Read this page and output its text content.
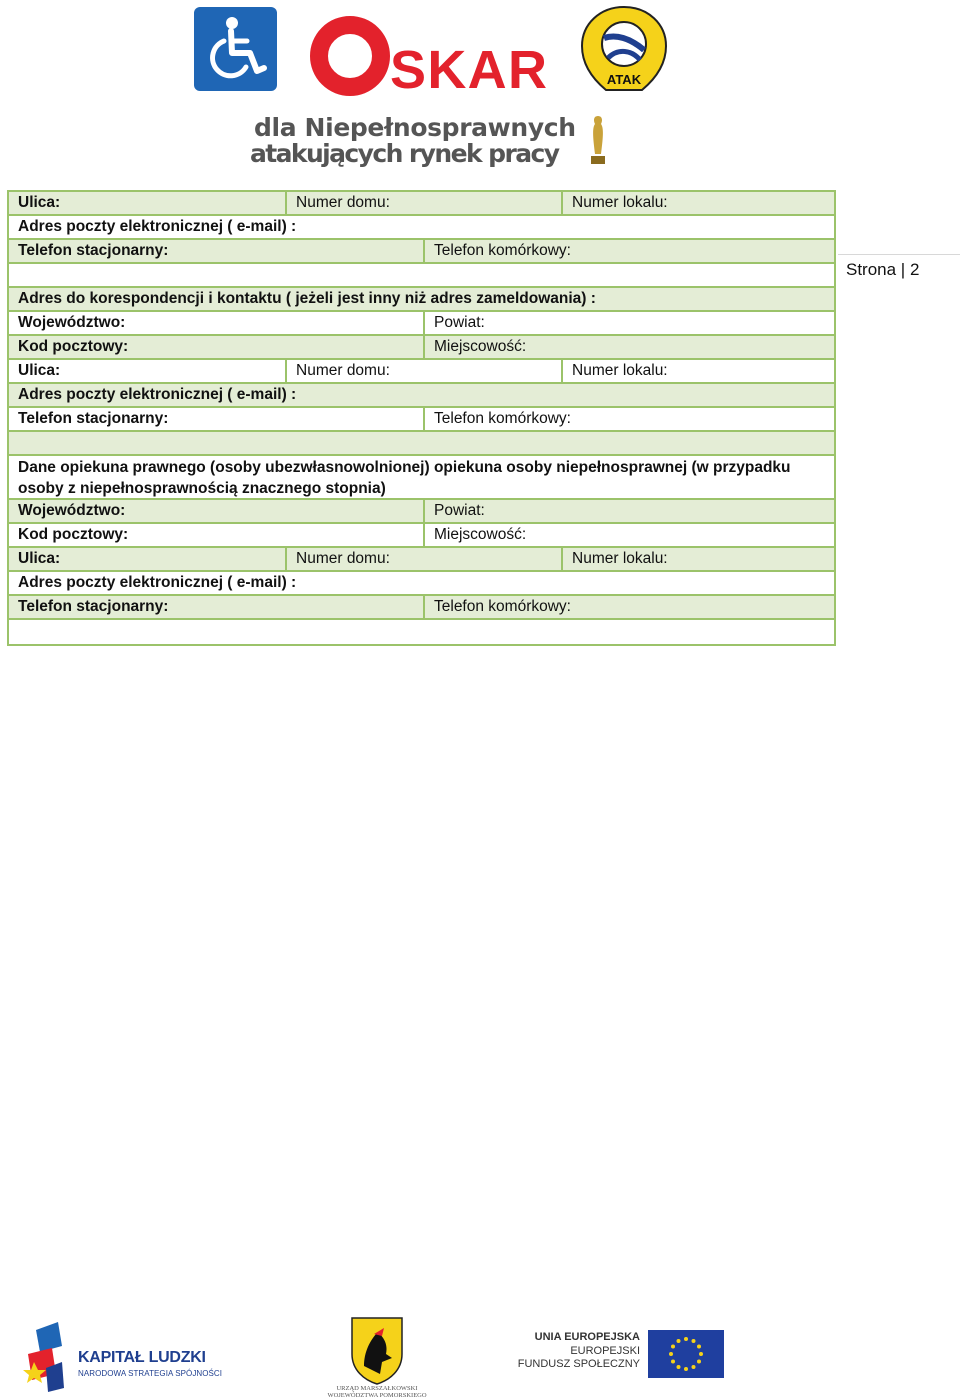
SKAR	ATAK
dla Niepełnosprawnych
atakujących rynek pracy
Ulica:	Numer domu:	Numer lokalu:
Adres poczty elektronicznej ( e-mail) :
Telefon stacjonarny:	Telefon komórkowy:
Adres do korespondencji i kontaktu ( jeżeli jest inny niż adres zameldowania) :
Województwo:	Powiat:
Kod pocztowy:	Miejscowość:
Ulica:	Numer domu:	Numer lokalu:
Adres poczty elektronicznej ( e-mail) :
Telefon stacjonarny:	Telefon komórkowy:
Dane opiekuna prawnego (osoby ubezwłasnowolnionej) opiekuna osoby niepełnosprawnej (w przypadku osoby z niepełnosprawnością znacznego stopnia)
Województwo:	Powiat:
Kod pocztowy:	Miejscowość:
Ulica:	Numer domu:	Numer lokalu:
Adres poczty elektronicznej ( e-mail) :
Telefon stacjonarny:	Telefon komórkowy:
Strona | 2
KAPITAŁ LUDZKI
NARODOWA STRATEGIA SPÓJNOŚCI
URZĄD MARSZAŁKOWSKI
WOJEWÓDZTWA POMORSKIEGO
UNIA EUROPEJSKA
EUROPEJSKI
FUNDUSZ SPOŁECZNY
